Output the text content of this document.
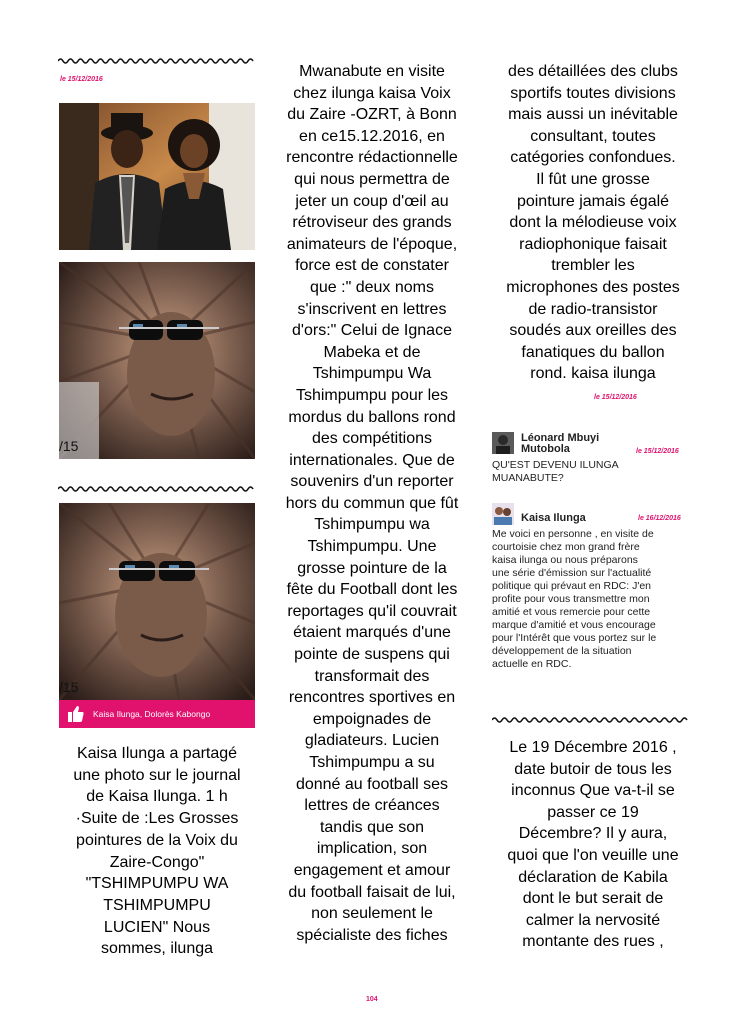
le 15/12/2016
/15
/15
Kaisa Ilunga, Dolorès Kabongo
Kaisa Ilunga a partagé
une photo sur le journal
de Kaisa Ilunga. 1 h
·Suite de :Les Grosses
pointures de la Voix du
Zaire-Congo"
"TSHIMPUMPU WA
TSHIMPUMPU
LUCIEN" Nous
sommes, ilunga
Mwanabute en visite
chez ilunga kaisa Voix
du Zaire -OZRT, à Bonn
en ce15.12.2016, en
rencontre rédactionnelle
qui nous permettra de
jeter un coup d'œil au
rétroviseur des grands
animateurs de l'époque,
force est de constater
que :" deux noms
s'inscrivent en lettres
d'ors:" Celui de Ignace
Mabeka et de
Tshimpumpu Wa
Tshimpumpu pour les
mordus du ballons rond
des compétitions
internationales. Que de
souvenirs d'un reporter
hors du commun que fût
Tshimpumpu wa
Tshimpumpu. Une
grosse pointure de la
fête du Football dont les
reportages qu'il couvrait
étaient marqués d'une
pointe de suspens qui
transformait des
rencontres sportives en
empoignades de
gladiateurs. Lucien
Tshimpumpu a su
donné au football ses
lettres de créances
tandis que son
implication, son
engagement et amour
du football faisait de lui,
non seulement le
spécialiste des fiches
des détaillées des clubs
sportifs toutes divisions
mais aussi un inévitable
consultant, toutes
catégories confondues.
Il fût une grosse
pointure jamais égalé
dont la mélodieuse voix
radiophonique faisait
trembler les
microphones des postes
de radio-transistor
soudés aux oreilles des
fanatiques du ballon
rond. kaisa ilunga
le 15/12/2016
Léonard Mbuyi
Mutobola	le 15/12/2016
QU'EST DEVENU ILUNGA
MUANABUTE?
Kaisa Ilunga	le 16/12/2016
Me voici en personne , en visite de
courtoisie chez mon grand frère
kaisa ilunga ou nous préparons
une série d'émission sur l'actualité
politique qui prévaut en RDC: J'en
profite pour vous transmettre mon
amitié et vous remercie pour cette
marque d'amitié et vous encourage
pour l'Intérêt que vous portez sur le
développement de la situation
actuelle en RDC.
Le 19 Décembre 2016 ,
date butoir de tous les
inconnus Que va-t-il se
passer ce 19
Décembre? Il y aura,
quoi que l'on veuille une
déclaration de Kabila
dont le but serait de
calmer la nervosité
montante des rues ,
104
